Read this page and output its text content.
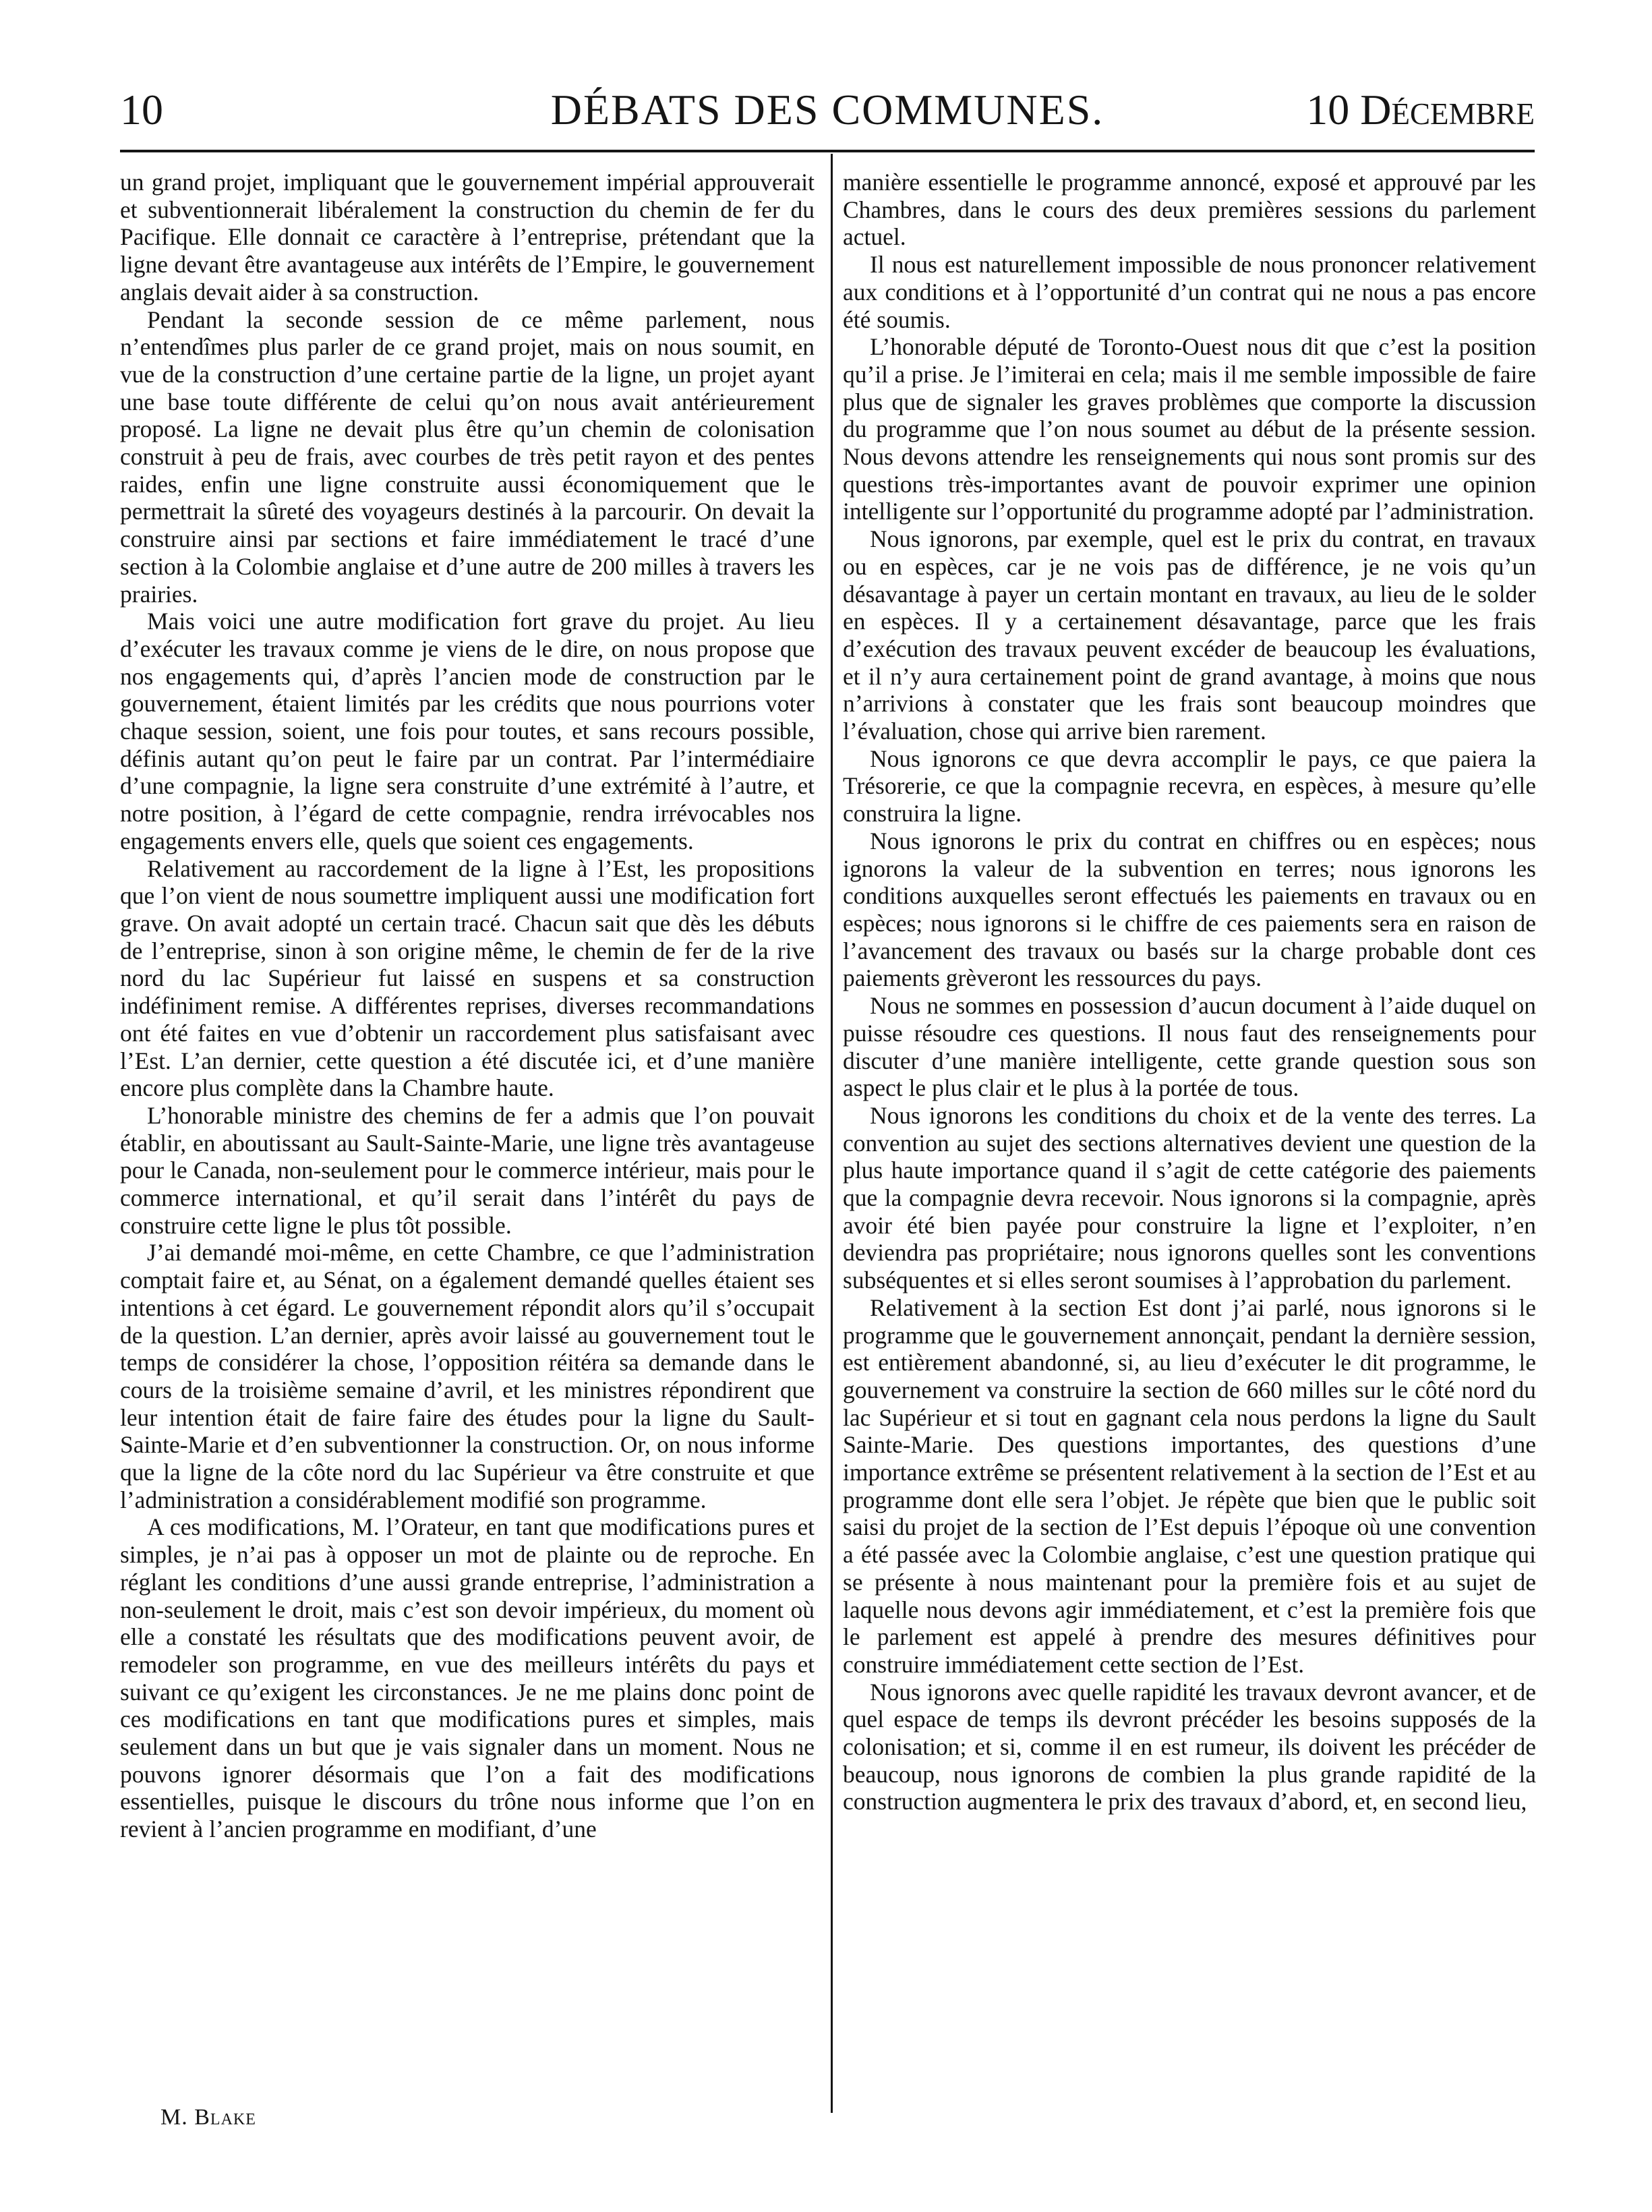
10	DÉBATS DES COMMUNES.	10 Décembre

un grand projet, impliquant que le gouvernement impérial approuverait et subventionnerait libéralement la construction du chemin de fer du Pacifique. Elle donnait ce caractère à l’entreprise, prétendant que la ligne devant être avantageuse aux intérêts de l’Empire, le gouvernement anglais devait aider à sa construction.

Pendant la seconde session de ce même parlement, nous n’entendîmes plus parler de ce grand projet, mais on nous soumit, en vue de la construction d’une certaine partie de la ligne, un projet ayant une base toute différente de celui qu’on nous avait antérieurement proposé. La ligne ne devait plus être qu’un chemin de colonisation construit à peu de frais, avec courbes de très petit rayon et des pentes raides, enfin une ligne construite aussi économiquement que le permettrait la sûreté des voyageurs destinés à la parcourir. On devait la construire ainsi par sections et faire immédiatement le tracé d’une section à la Colombie anglaise et d’une autre de 200 milles à travers les prairies.

Mais voici une autre modification fort grave du projet. Au lieu d’exécuter les travaux comme je viens de le dire, on nous propose que nos engagements qui, d’après l’ancien mode de construction par le gouvernement, étaient limités par les crédits que nous pourrions voter chaque session, soient, une fois pour toutes, et sans recours possible, définis autant qu’on peut le faire par un contrat. Par l’intermédiaire d’une compagnie, la ligne sera construite d’une extrémité à l’autre, et notre position, à l’égard de cette compagnie, rendra irrévocables nos engagements envers elle, quels que soient ces engagements.

Relativement au raccordement de la ligne à l’Est, les propositions que l’on vient de nous soumettre impliquent aussi une modification fort grave. On avait adopté un certain tracé. Chacun sait que dès les débuts de l’entreprise, sinon à son origine même, le chemin de fer de la rive nord du lac Supérieur fut laissé en suspens et sa construction indéfiniment remise. A différentes reprises, diverses recommandations ont été faites en vue d’obtenir un raccordement plus satisfaisant avec l’Est. L’an dernier, cette question a été discutée ici, et d’une manière encore plus complète dans la Chambre haute.

L’honorable ministre des chemins de fer a admis que l’on pouvait établir, en aboutissant au Sault-Sainte-Marie, une ligne très avantageuse pour le Canada, non-seulement pour le commerce intérieur, mais pour le commerce international, et qu’il serait dans l’intérêt du pays de construire cette ligne le plus tôt possible.

J’ai demandé moi-même, en cette Chambre, ce que l’administration comptait faire et, au Sénat, on a également demandé quelles étaient ses intentions à cet égard. Le gouvernement répondit alors qu’il s’occupait de la question. L’an dernier, après avoir laissé au gouvernement tout le temps de considérer la chose, l’opposition réitéra sa demande dans le cours de la troisième semaine d’avril, et les ministres répondirent que leur intention était de faire faire des études pour la ligne du Sault-Sainte-Marie et d’en subventionner la construction. Or, on nous informe que la ligne de la côte nord du lac Supérieur va être construite et que l’administration a considérablement modifié son programme.

A ces modifications, M. l’Orateur, en tant que modifications pures et simples, je n’ai pas à opposer un mot de plainte ou de reproche. En réglant les conditions d’une aussi grande entreprise, l’administration a non-seulement le droit, mais c’est son devoir impérieux, du moment où elle a constaté les résultats que des modifications peuvent avoir, de remodeler son programme, en vue des meilleurs intérêts du pays et suivant ce qu’exigent les circonstances. Je ne me plains donc point de ces modifications en tant que modifications pures et simples, mais seulement dans un but que je vais signaler dans un moment. Nous ne pouvons ignorer désormais que l’on a fait des modifications essentielles, puisque le discours du trône nous informe que l’on en revient à l’ancien programme en modifiant, d’une

manière essentielle le programme annoncé, exposé et approuvé par les Chambres, dans le cours des deux premières sessions du parlement actuel.

Il nous est naturellement impossible de nous prononcer relativement aux conditions et à l’opportunité d’un contrat qui ne nous a pas encore été soumis.

L’honorable député de Toronto-Ouest nous dit que c’est la position qu’il a prise. Je l’imiterai en cela; mais il me semble impossible de faire plus que de signaler les graves problèmes que comporte la discussion du programme que l’on nous soumet au début de la présente session. Nous devons attendre les renseignements qui nous sont promis sur des questions très-importantes avant de pouvoir exprimer une opinion intelligente sur l’opportunité du programme adopté par l’administration.

Nous ignorons, par exemple, quel est le prix du contrat, en travaux ou en espèces, car je ne vois pas de différence, je ne vois qu’un désavantage à payer un certain montant en travaux, au lieu de le solder en espèces. Il y a certainement désavantage, parce que les frais d’exécution des travaux peuvent excéder de beaucoup les évaluations, et il n’y aura certainement point de grand avantage, à moins que nous n’arrivions à constater que les frais sont beaucoup moindres que l’évaluation, chose qui arrive bien rarement.

Nous ignorons ce que devra accomplir le pays, ce que paiera la Trésorerie, ce que la compagnie recevra, en espèces, à mesure qu’elle construira la ligne.

Nous ignorons le prix du contrat en chiffres ou en espèces; nous ignorons la valeur de la subvention en terres; nous ignorons les conditions auxquelles seront effectués les paiements en travaux ou en espèces; nous ignorons si le chiffre de ces paiements sera en raison de l’avancement des travaux ou basés sur la charge probable dont ces paiements grèveront les ressources du pays.

Nous ne sommes en possession d’aucun document à l’aide duquel on puisse résoudre ces questions. Il nous faut des renseignements pour discuter d’une manière intelligente, cette grande question sous son aspect le plus clair et le plus à la portée de tous.

Nous ignorons les conditions du choix et de la vente des terres. La convention au sujet des sections alternatives devient une question de la plus haute importance quand il s’agit de cette catégorie des paiements que la compagnie devra recevoir. Nous ignorons si la compagnie, après avoir été bien payée pour construire la ligne et l’exploiter, n’en deviendra pas propriétaire; nous ignorons quelles sont les conventions subséquentes et si elles seront soumises à l’approbation du parlement.

Relativement à la section Est dont j’ai parlé, nous ignorons si le programme que le gouvernement annonçait, pendant la dernière session, est entièrement abandonné, si, au lieu d’exécuter le dit programme, le gouvernement va construire la section de 660 milles sur le côté nord du lac Supérieur et si tout en gagnant cela nous perdons la ligne du Sault Sainte-Marie. Des questions importantes, des questions d’une importance extrême se présentent relativement à la section de l’Est et au programme dont elle sera l’objet. Je répète que bien que le public soit saisi du projet de la section de l’Est depuis l’époque où une convention a été passée avec la Colombie anglaise, c’est une question pratique qui se présente à nous maintenant pour la première fois et au sujet de laquelle nous devons agir immédiatement, et c’est la première fois que le parlement est appelé à prendre des mesures définitives pour construire immédiatement cette section de l’Est.

Nous ignorons avec quelle rapidité les travaux devront avancer, et de quel espace de temps ils devront précéder les besoins supposés de la colonisation; et si, comme il en est rumeur, ils doivent les précéder de beaucoup, nous ignorons de combien la plus grande rapidité de la construction augmentera le prix des travaux d’abord, et, en second lieu,

M. Blake
